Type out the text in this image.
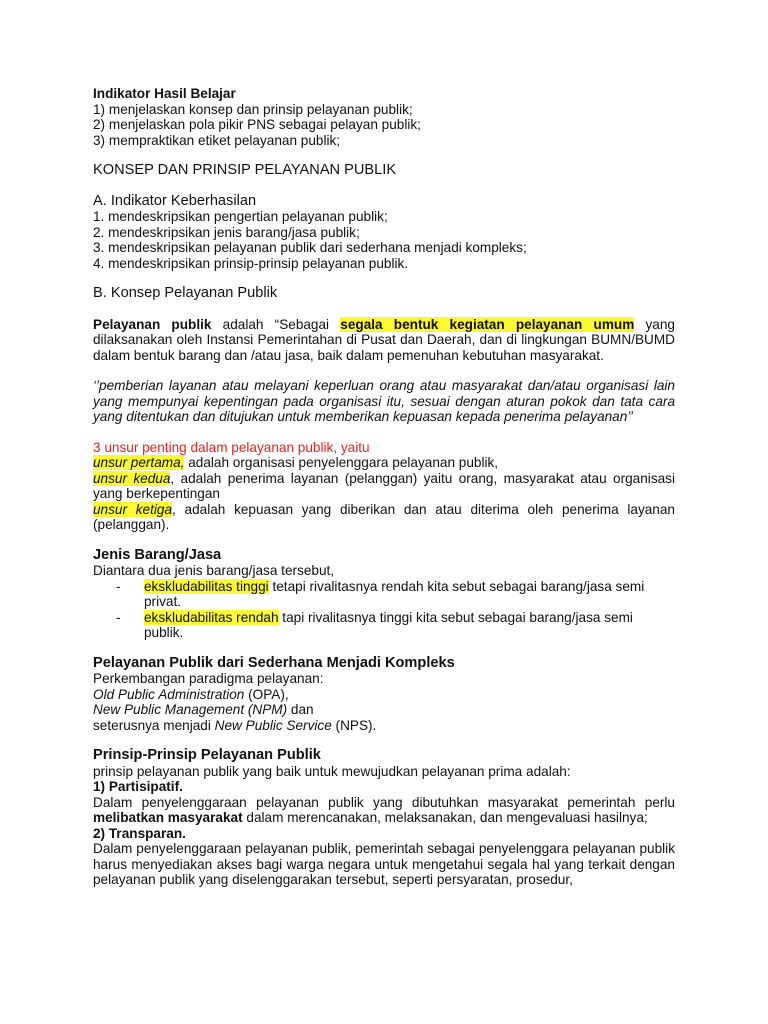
Indikator Hasil Belajar

1) menjelaskan konsep dan prinsip pelayanan publik;

2) menjelaskan pola pikir PNS sebagai pelayan publik;

3) mempraktikan etiket pelayanan publik;

KONSEP DAN PRINSIP PELAYANAN PUBLIK

A. Indikator Keberhasilan

1. mendeskripsikan pengertian pelayanan publik;

2. mendeskripsikan jenis barang/jasa publik;

3. mendeskripsikan pelayanan publik dari sederhana menjadi kompleks;

4. mendeskripsikan prinsip-prinsip pelayanan publik.

B. Konsep Pelayanan Publik

Pelayanan publik adalah “Sebagai segala bentuk kegiatan pelayanan umum yang dilaksanakan oleh Instansi Pemerintahan di Pusat dan Daerah, dan di lingkungan BUMN/BUMD dalam bentuk barang dan /atau jasa, baik dalam pemenuhan kebutuhan masyarakat.

‘’pemberian layanan atau melayani keperluan orang atau masyarakat dan/atau organisasi lain yang mempunyai kepentingan pada organisasi itu, sesuai dengan aturan pokok dan tata cara yang ditentukan dan ditujukan untuk memberikan kepuasan kepada penerima pelayanan’’

3 unsur penting dalam pelayanan publik, yaitu

unsur pertama, adalah organisasi penyelenggara pelayanan publik,

unsur kedua, adalah penerima layanan (pelanggan) yaitu orang, masyarakat atau organisasi yang berkepentingan

unsur ketiga, adalah kepuasan yang diberikan dan atau diterima oleh penerima layanan (pelanggan).

Jenis Barang/Jasa

Diantara dua jenis barang/jasa tersebut,

- ekskludabilitas tinggi tetapi rivalitasnya rendah kita sebut sebagai barang/jasa semi privat.

- ekskludabilitas rendah tapi rivalitasnya tinggi kita sebut sebagai barang/jasa semi publik.

Pelayanan Publik dari Sederhana Menjadi Kompleks

Perkembangan paradigma pelayanan:

Old Public Administration (OPA),

New Public Management (NPM) dan

seterusnya menjadi New Public Service (NPS).

Prinsip-Prinsip Pelayanan Publik

prinsip pelayanan publik yang baik untuk mewujudkan pelayanan prima adalah:

1) Partisipatif.

Dalam penyelenggaraan pelayanan publik yang dibutuhkan masyarakat pemerintah perlu melibatkan masyarakat dalam merencanakan, melaksanakan, dan mengevaluasi hasilnya;

2) Transparan.

Dalam penyelenggaraan pelayanan publik, pemerintah sebagai penyelenggara pelayanan publik harus menyediakan akses bagi warga negara untuk mengetahui segala hal yang terkait dengan pelayanan publik yang diselenggarakan tersebut, seperti persyaratan, prosedur,
